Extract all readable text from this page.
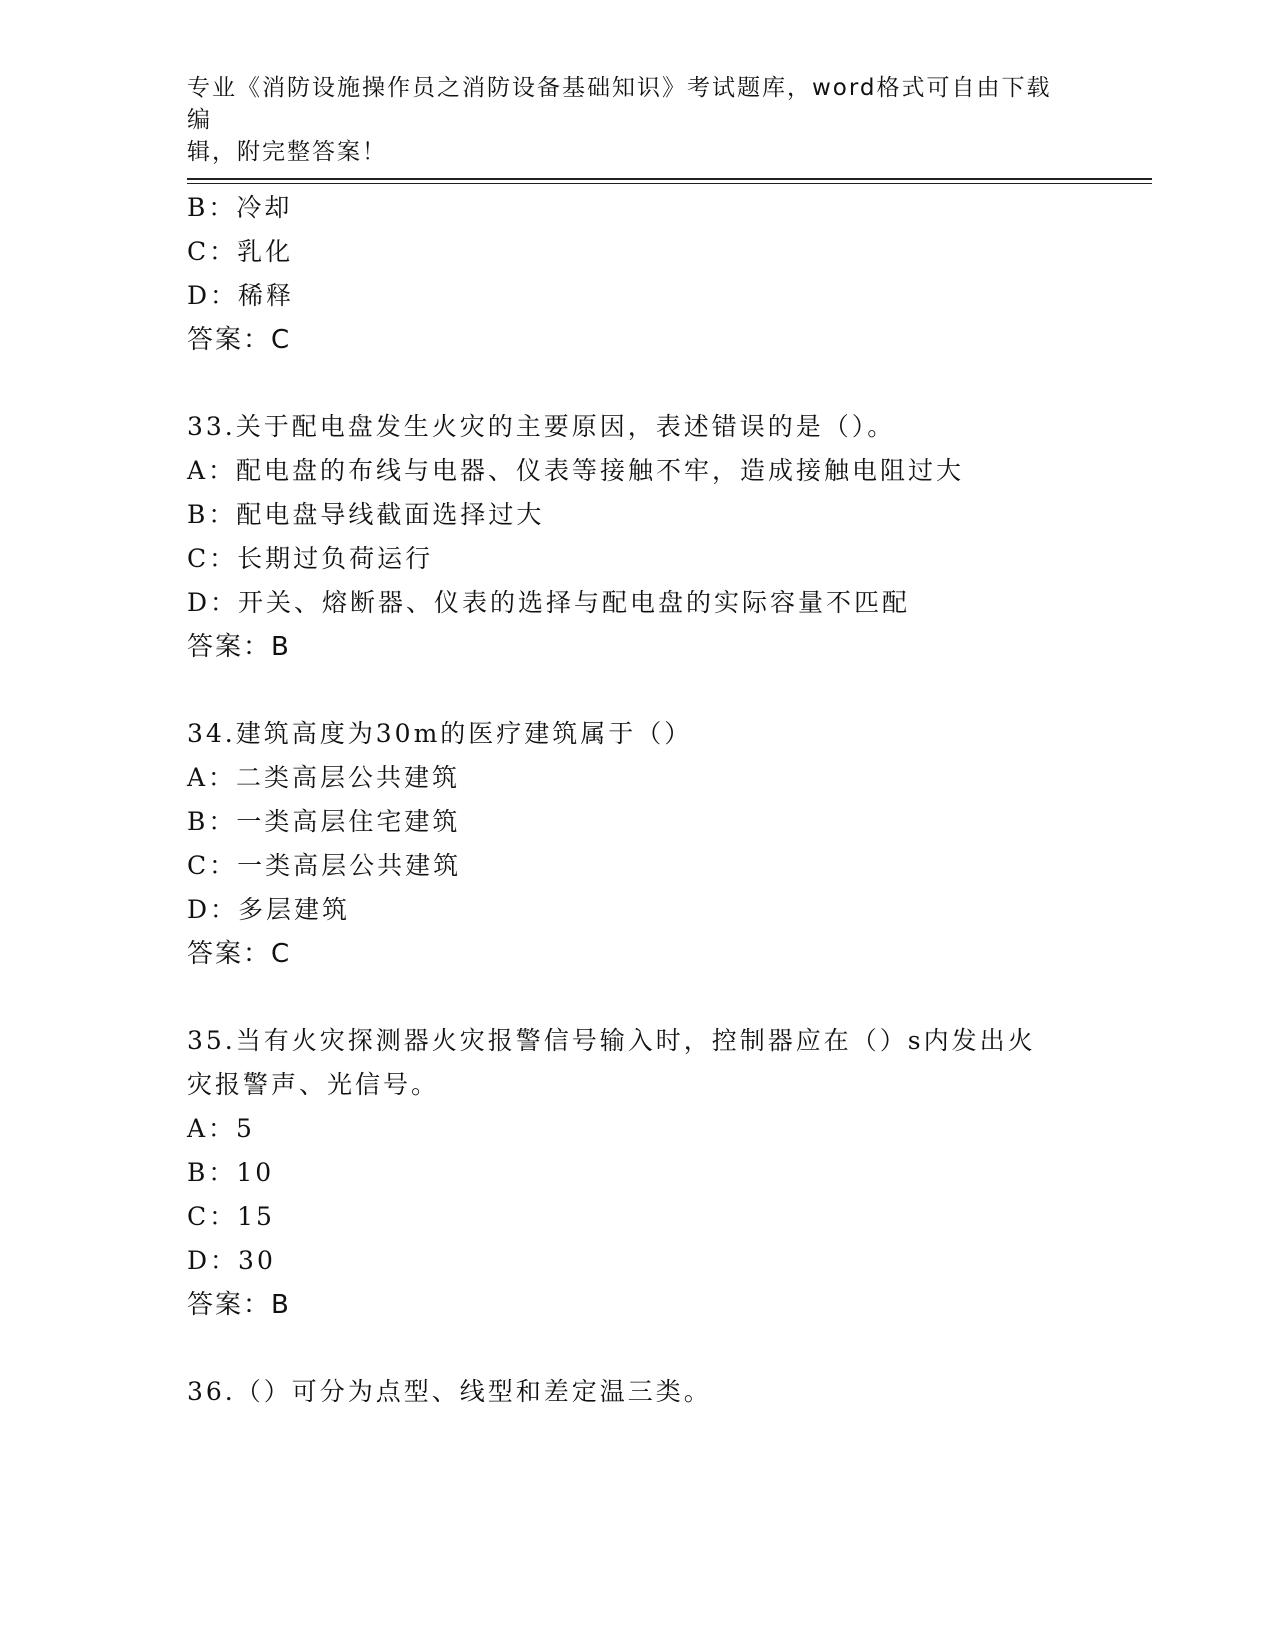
专业《消防设施操作员之消防设备基础知识》考试题库，word格式可自由下载编
辑，附完整答案！
B：冷却
C：乳化
D：稀释
答案：C
33.关于配电盘发生火灾的主要原因，表述错误的是（）。
A：配电盘的布线与电器、仪表等接触不牢，造成接触电阻过大
B：配电盘导线截面选择过大
C：长期过负荷运行
D：开关、熔断器、仪表的选择与配电盘的实际容量不匹配
答案：B
34.建筑高度为30m的医疗建筑属于（）
A：二类高层公共建筑
B：一类高层住宅建筑
C：一类高层公共建筑
D：多层建筑
答案：C
35.当有火灾探测器火灾报警信号输入时，控制器应在（）s内发出火
灾报警声、光信号。
A：5
B：10
C：15
D：30
答案：B
36.（）可分为点型、线型和差定温三类。
